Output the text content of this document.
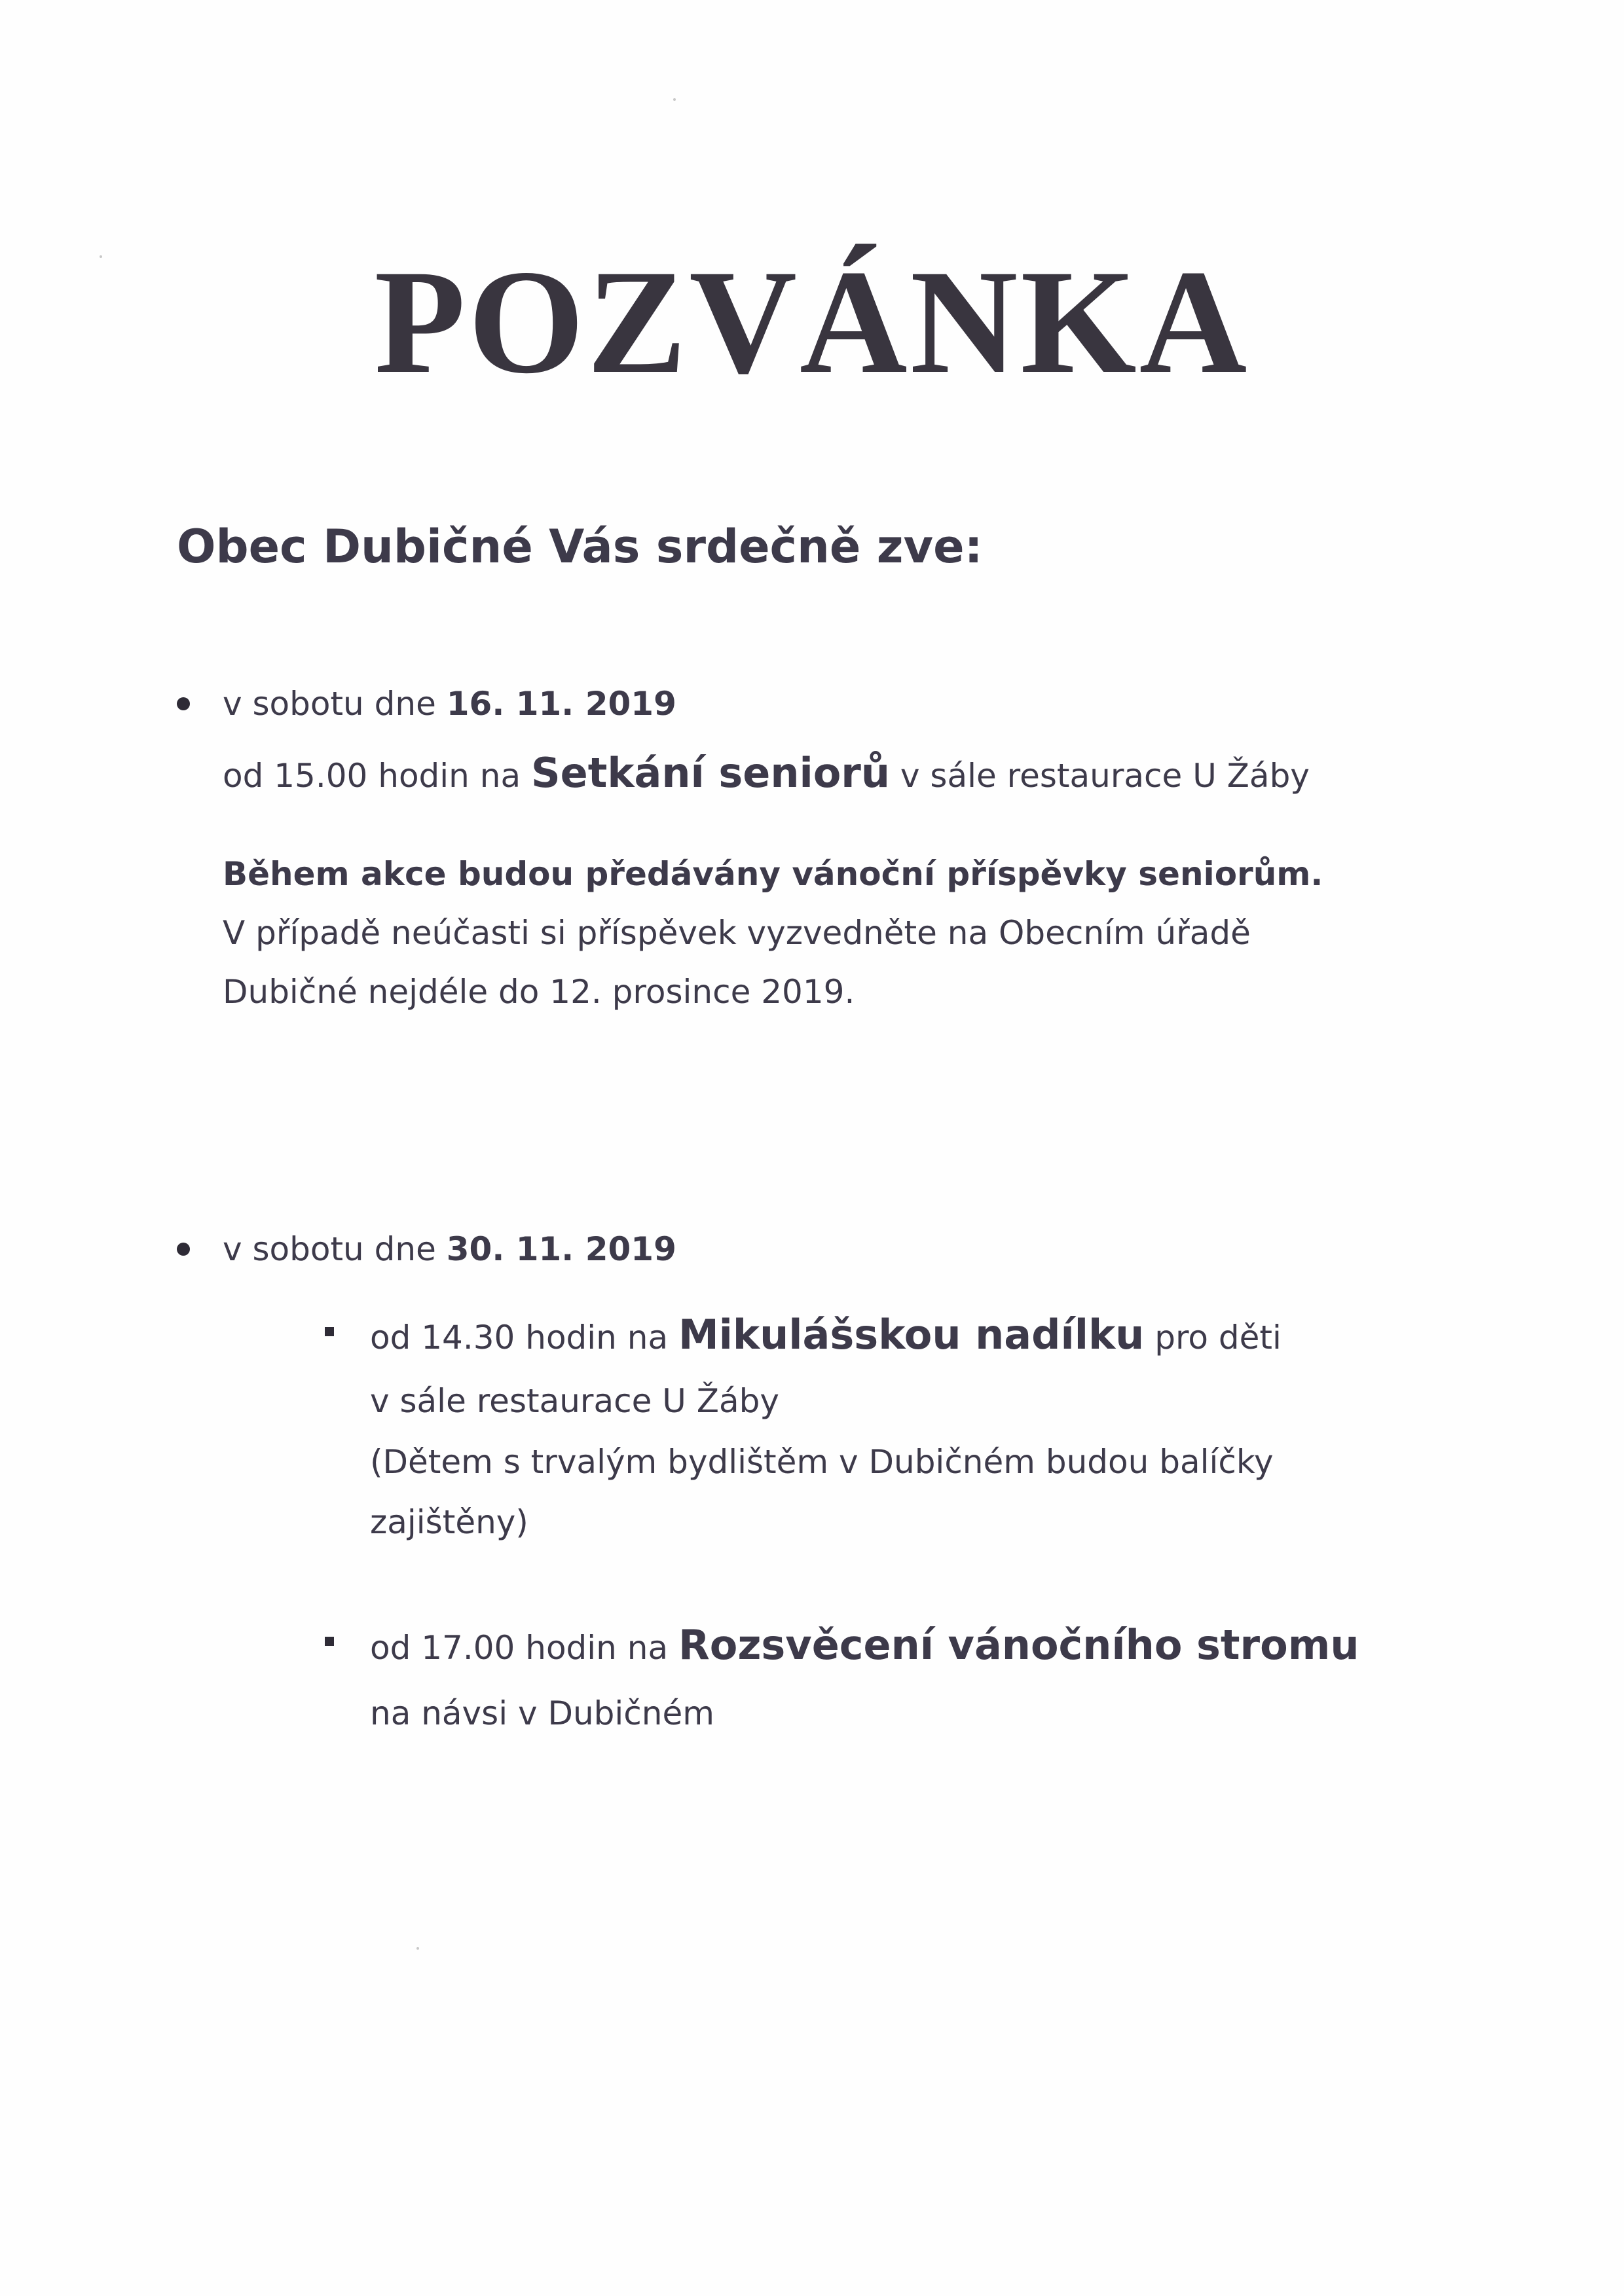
POZVÁNKA
Obec Dubičné Vás srdečně zve:
v sobotu dne 16. 11. 2019
od 15.00 hodin na Setkání seniorů v sále restaurace U Žáby
Během akce budou předávány vánoční příspěvky seniorům.
V případě neúčasti si příspěvek vyzvedněte na Obecním úřadě
Dubičné nejdéle do 12. prosince 2019.
v sobotu dne 30. 11. 2019
od 14.30 hodin na Mikulášskou nadílku pro děti
v sále restaurace U Žáby
(Dětem s trvalým bydlištěm v Dubičném budou balíčky
zajištěny)
od 17.00 hodin na Rozsvěcení vánočního stromu
na návsi v Dubičném
